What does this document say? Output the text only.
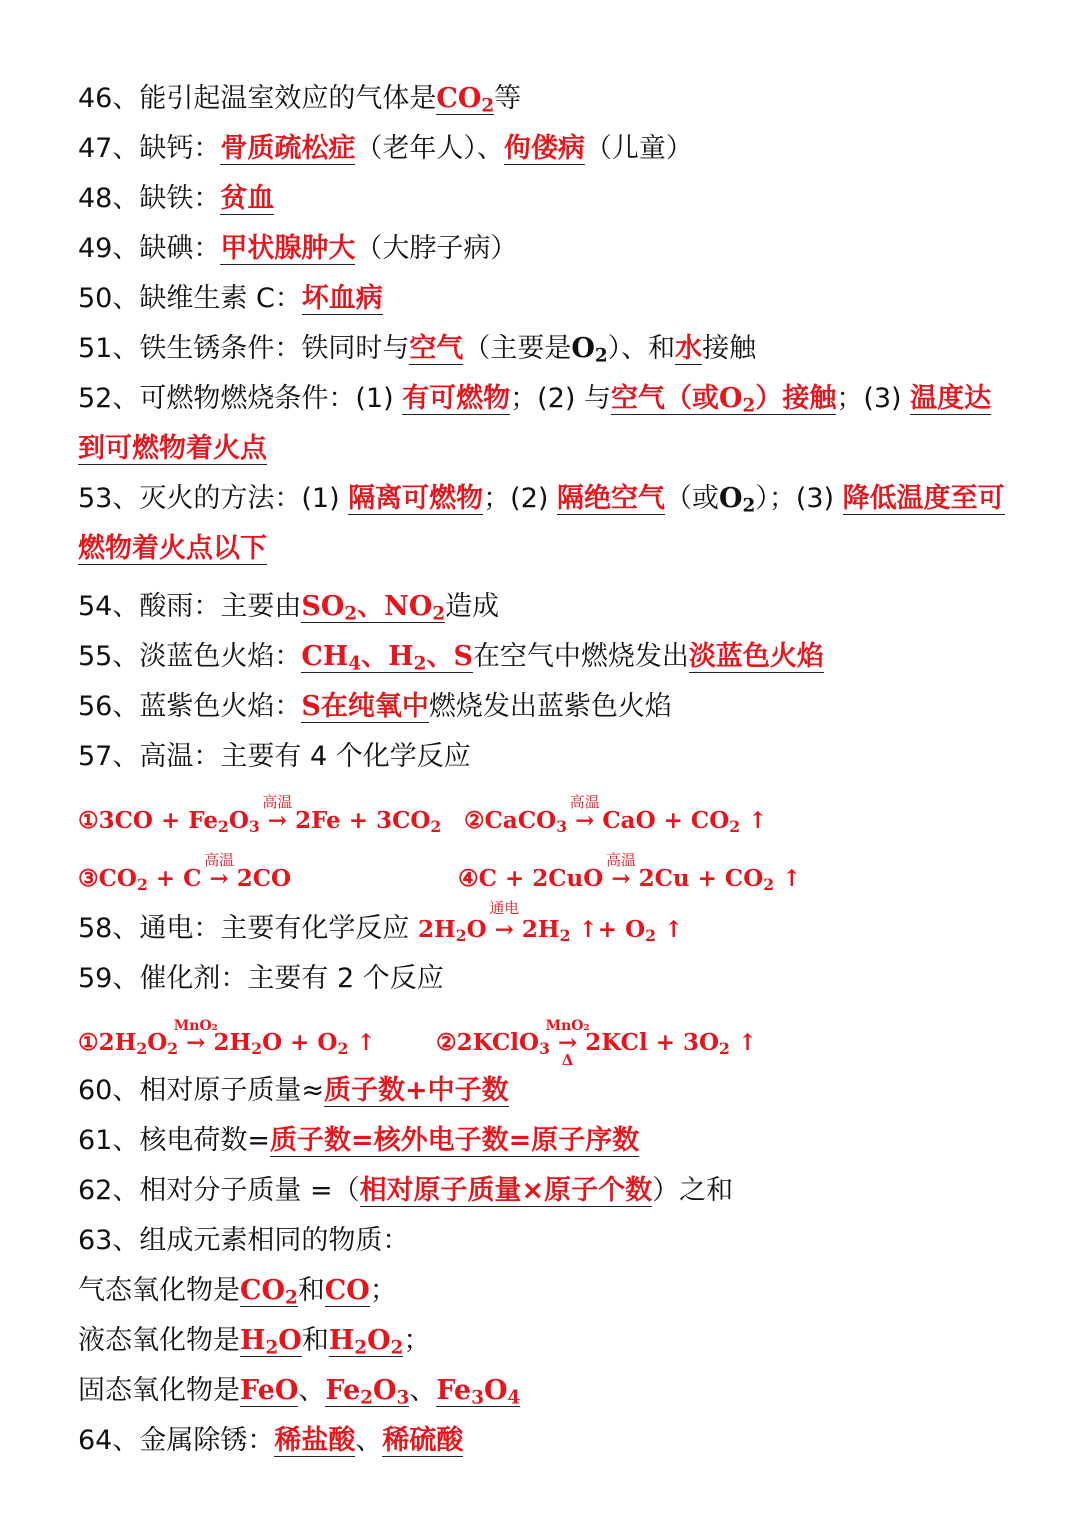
46、能引起温室效应的气体是$CO_2$等
47、缺钙：骨质疏松症（老年人）、佝偻病（儿童）
48、缺铁：贫血
49、缺碘：甲状腺肿大（大脖子病）
50、缺维生素 C：坏血病
51、铁生锈条件：铁同时与空气（主要是$O_2$）、和水接触
52、可燃物燃烧条件：(1) 有可燃物；(2) 与空气（或$O_2$）接触；(3) 温度达到可燃物着火点
53、灭火的方法：(1) 隔离可燃物；(2) 隔绝空气（或$O_2$）；(3) 降低温度至可燃物着火点以下
54、酸雨：主要由$SO_2$、$NO_2$造成
55、淡蓝色火焰：$CH_4$、$H_2$、S在空气中燃烧发出淡蓝色火焰
56、蓝紫色火焰：S在纯氧中燃烧发出蓝紫色火焰
57、高温：主要有 4 个化学反应
①3CO + $Fe_2O_3$
高温
→ $2Fe + 3CO_2$ ②CaCO$_3$
高温
→ CaO + $CO_2$ ↑
$③CO_2 + C$
高温
→ 2CO	④C + 2CuO
高温
→ $2Cu + CO_2$ ↑
58、通电：主要有化学反应 $2H_2O$
通电
→ $2H_2$ ↑+ $O_2$ ↑
59、催化剂：主要有 2 个反应
$①2H_2O_2$
MnO₂
→ $2H_2O + O_2$ ↑	②2KClO$_3$
MnO₂
→
Δ
$2KCl + 3O_2$ ↑
60、相对原子质量≈质子数+中子数
61、核电荷数=质子数=核外电子数=原子序数
62、相对分子质量 =（相对原子质量×原子个数）之和
63、组成元素相同的物质：
气态氧化物是$CO_2$和CO；
液态氧化物是$H_2O$和$H_2O_2$；
固态氧化物是FeO、$Fe_2O_3$、$Fe_3O_4$
64、金属除锈：稀盐酸、稀硫酸
